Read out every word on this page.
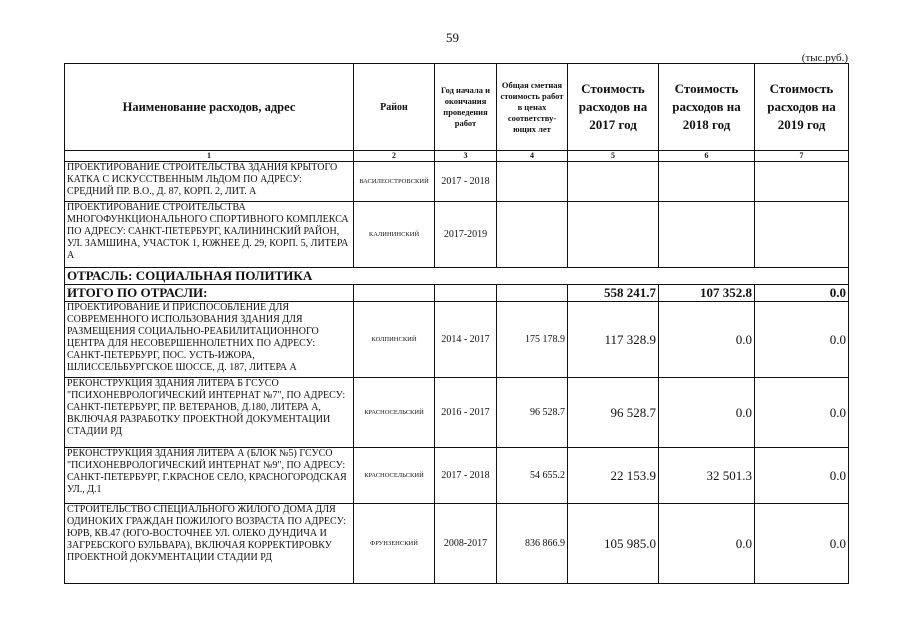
59
(тыс.руб.)
Наименование расходов, адрес	Район	Год начала и окончания проведения работ	Общая сметная стоимость работ в ценах соответству-ющих лет	Стоимость расходов на 2017 год	Стоимость расходов на 2018 год	Стоимость расходов на 2019 год
1	2	3	4	5	6	7
ПРОЕКТИРОВАНИЕ СТРОИТЕЛЬСТВА ЗДАНИЯ КРЫТОГО КАТКА С ИСКУССТВЕННЫМ ЛЬДОМ ПО АДРЕСУ: СРЕДНИЙ ПР. В.О., Д. 87, КОРП. 2, ЛИТ. А	ВАСИЛЕОСТРОВСКИЙ	2017 - 2018				
ПРОЕКТИРОВАНИЕ СТРОИТЕЛЬСТВА МНОГОФУНКЦИОНАЛЬНОГО СПОРТИВНОГО КОМПЛЕКСА ПО АДРЕСУ: САНКТ-ПЕТЕРБУРГ, КАЛИНИНСКИЙ РАЙОН, УЛ. ЗАМШИНА, УЧАСТОК 1, ЮЖНЕЕ Д. 29, КОРП. 5, ЛИТЕРА А	КАЛИНИНСКИЙ	2017-2019				
ОТРАСЛЬ: СОЦИАЛЬНАЯ ПОЛИТИКА						
ИТОГО ПО ОТРАСЛИ:				558 241.7	107 352.8	0.0
ПРОЕКТИРОВАНИЕ И ПРИСПОСОБЛЕНИЕ ДЛЯ СОВРЕМЕННОГО ИСПОЛЬЗОВАНИЯ ЗДАНИЯ ДЛЯ РАЗМЕЩЕНИЯ СОЦИАЛЬНО-РЕАБИЛИТАЦИОННОГО ЦЕНТРА ДЛЯ НЕСОВЕРШЕННОЛЕТНИХ ПО АДРЕСУ: САНКТ-ПЕТЕРБУРГ, ПОС. УСТЬ-ИЖОРА, ШЛИССЕЛЬБУРГСКОЕ ШОССЕ, Д. 187, ЛИТЕРА А	КОЛПИНСКИЙ	2014 - 2017	175 178.9	117 328.9	0.0	0.0
РЕКОНСТРУКЦИЯ ЗДАНИЯ ЛИТЕРА Б ГСУСО "ПСИХОНЕВРОЛОГИЧЕСКИЙ ИНТЕРНАТ №7", ПО АДРЕСУ: САНКТ-ПЕТЕРБУРГ, ПР. ВЕТЕРАНОВ, Д.180, ЛИТЕРА А, ВКЛЮЧАЯ РАЗРАБОТКУ ПРОЕКТНОЙ ДОКУМЕНТАЦИИ СТАДИИ РД	КРАСНОСЕЛЬСКИЙ	2016 - 2017	96 528.7	96 528.7	0.0	0.0
РЕКОНСТРУКЦИЯ ЗДАНИЯ ЛИТЕРА А (БЛОК №5) ГСУСО "ПСИХОНЕВРОЛОГИЧЕСКИЙ ИНТЕРНАТ №9", ПО АДРЕСУ: САНКТ-ПЕТЕРБУРГ, Г.КРАСНОЕ СЕЛО, КРАСНОГОРОДСКАЯ УЛ., Д.1	КРАСНОСЕЛЬСКИЙ	2017 - 2018	54 655.2	22 153.9	32 501.3	0.0
СТРОИТЕЛЬСТВО СПЕЦИАЛЬНОГО ЖИЛОГО ДОМА ДЛЯ ОДИНОКИХ ГРАЖДАН ПОЖИЛОГО ВОЗРАСТА ПО АДРЕСУ: ЮРВ, КВ.47 (ЮГО-ВОСТОЧНЕЕ УЛ. ОЛЕКО ДУНДИЧА И ЗАГРЕБСКОГО БУЛЬВАРА), ВКЛЮЧАЯ КОРРЕКТИРОВКУ ПРОЕКТНОЙ ДОКУМЕНТАЦИИ СТАДИИ РД	ФРУНЗЕНСКИЙ	2008-2017	836 866.9	105 985.0	0.0	0.0
